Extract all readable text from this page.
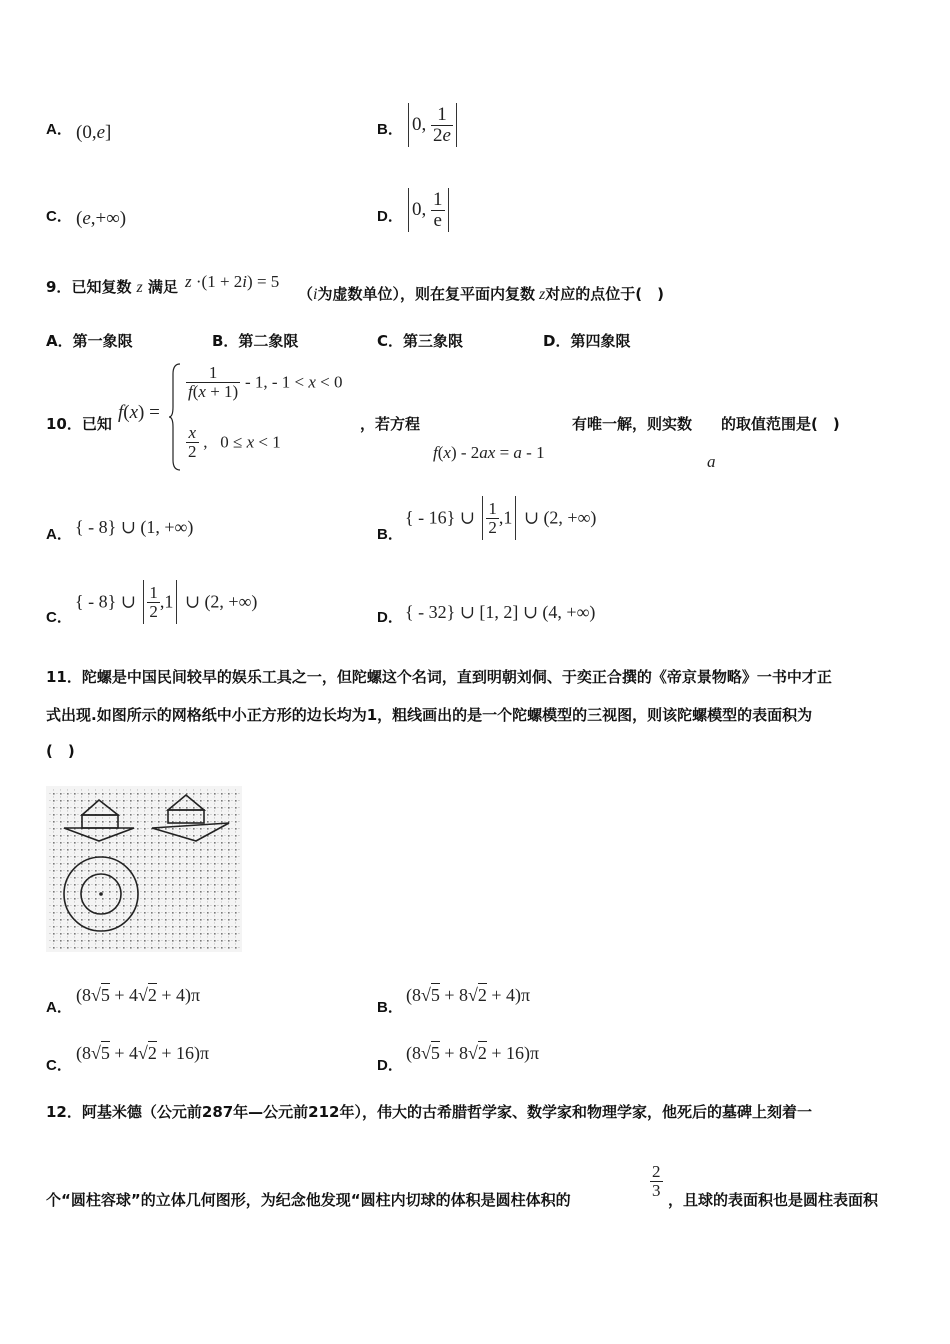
A． (0,e]	B． 0, $\frac{1}{2e}$
C． (e,+∞)	D． 0, $\frac{1}{e}$
9．已知复数 z 满足 z ·(1 + 2i) = 5
（i为虚数单位），则在复平面内复数 z对应的点位于(　)
A．第一象限	B．第二象限	C．第三象限	D．第四象限
10．已知
f(x) =
$\frac{1}{f(x + 1)} - 1$, - 1 < x < 0
$\frac{x}{2}$ ,   0 ≤ x < 1
，若方程	有唯一解，则实数 的取值范围是(　)
f(x) - 2ax = a - 1	a
A． { - 8} ∪ (1, +∞)	B．
{ - 16} ∪ $\frac{1}{2} ,1$ ∪ (2, +∞)
C．
{ - 8} ∪ $\frac{1}{2} ,1$ ∪ (2, +∞)
D． { - 32} ∪ [1, 2] ∪ (4, +∞)
11．陀螺是中国民间较早的娱乐工具之一，但陀螺这个名词，直到明朝刘侗、于奕正合撰的《帝京景物略》一书中才正
式出现.如图所示的网格纸中小正方形的边长均为1，粗线画出的是一个陀螺模型的三视图，则该陀螺模型的表面积为
(　)
A．
(8√5 + 4√2 + 4)π
B．
(8√5 + 8√2 + 4)π
C．
(8√5 + 4√2 + 16)π
D．
(8√5 + 8√2 + 16)π
12．阿基米德（公元前287年—公元前212年），伟大的古希腊哲学家、数学家和物理学家，他死后的墓碑上刻着一
个“圆柱容球”的立体几何图形，为纪念他发现“圆柱内切球的体积是圆柱体积的
$\frac{2}{3}$
，且球的表面积也是圆柱表面积
